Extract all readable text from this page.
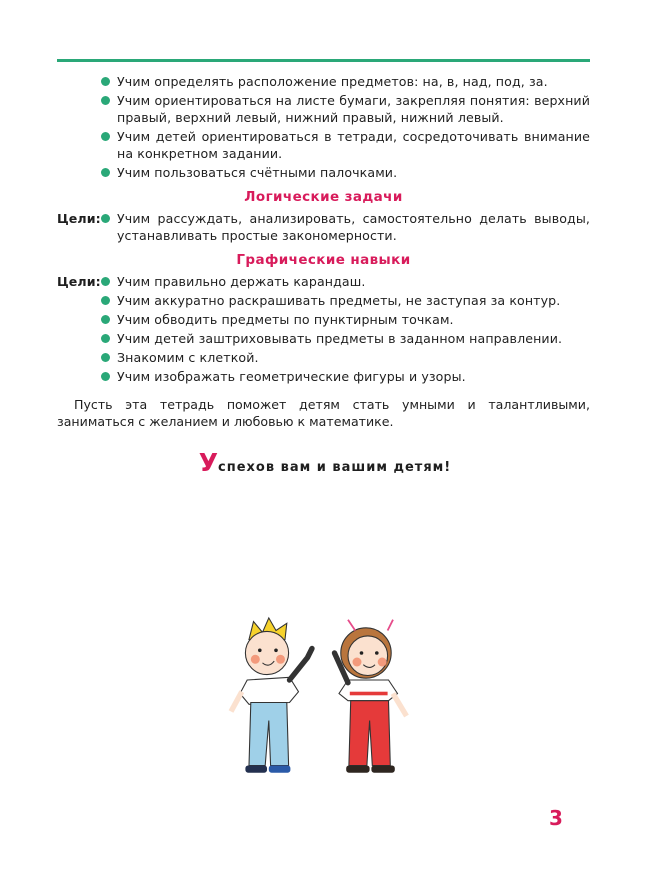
Учим определять расположение предметов: на, в, над, под, за.
Учим ориентироваться на листе бумаги, закрепляя понятия: верхний правый, верхний левый, нижний правый, нижний левый.
Учим детей ориентироваться в тетради, сосредоточивать внимание на конкретном задании.
Учим пользоваться счётными палочками.
Логические задачи
Цели: Учим рассуждать, анализировать, самостоятельно делать выводы, устанавливать простые закономерности.
Графические навыки
Цели: Учим правильно держать карандаш.
Учим аккуратно раскрашивать предметы, не заступая за контур.
Учим обводить предметы по пунктирным точкам.
Учим детей заштриховывать предметы в заданном направлении.
Знакомим с клеткой.
Учим изображать геометрические фигуры и узоры.
Пусть эта тетрадь поможет детям стать умными и талантливыми, заниматься с желанием и любовью к математике.
Успехов вам и вашим детям!
3
